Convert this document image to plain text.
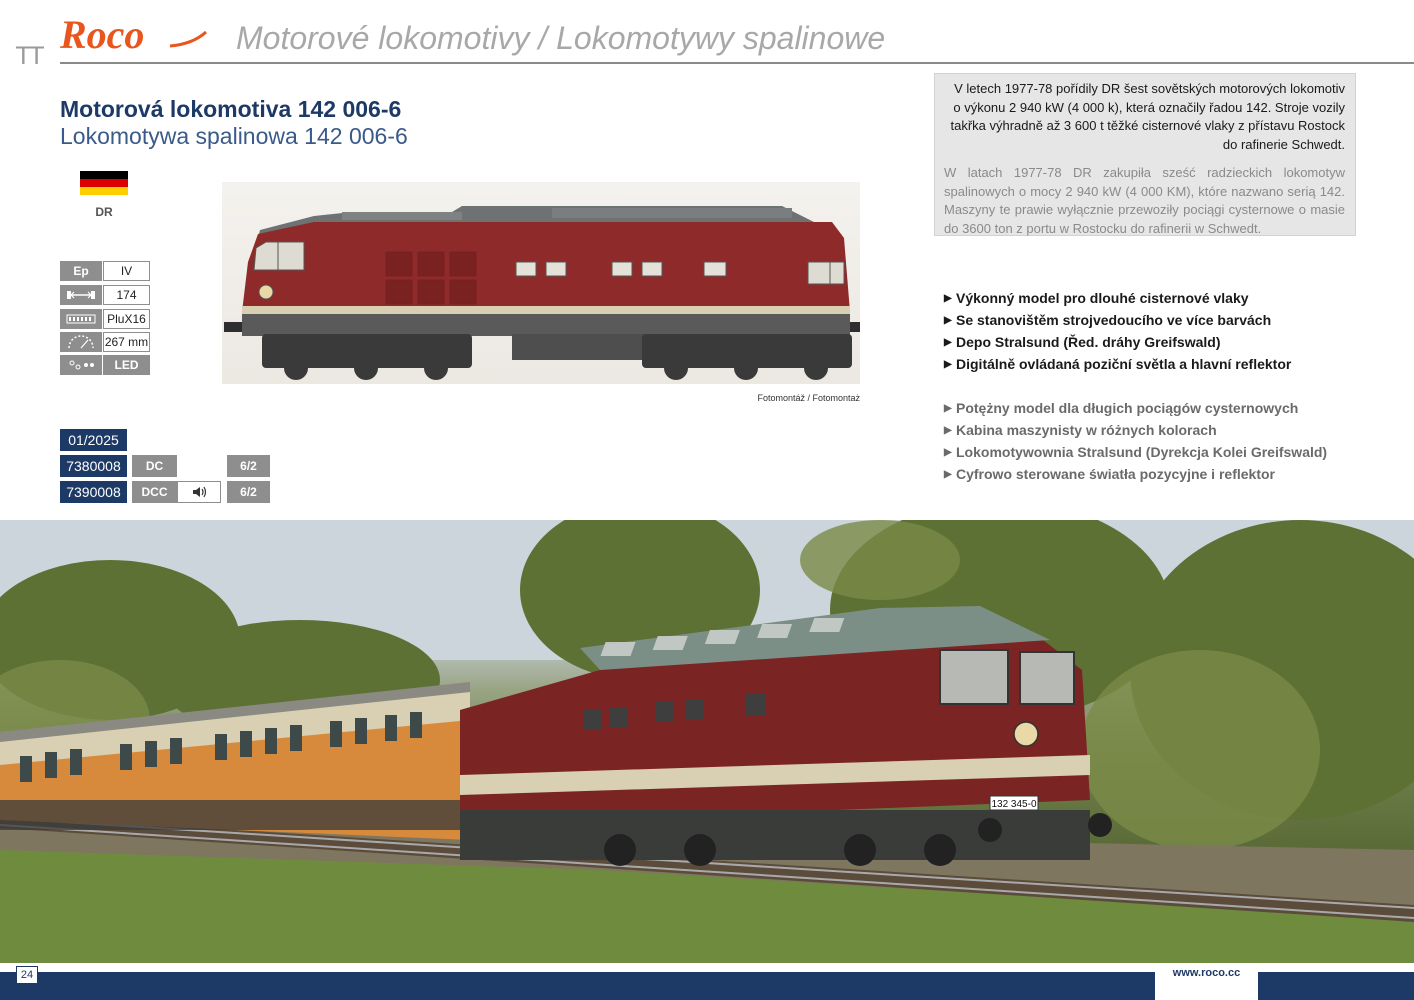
TT Roco	Motorové lokomotivy / Lokomotywy spalinowe
Motorová lokomotiva 142 006-6
Lokomotywa spalinowa 142 006-6
DR
Ep	IV
174
PluX16
267 mm
LED
01/2025
7380008	DC	6/2
7390008	DCC	6/2
Fotomontáž / Fotomontaż

V letech 1977-78 pořídily DR šest sovětských motorových lokomotiv o výkonu 2 940 kW (4 000 k), která označily řadou 142. Stroje vozily takřka výhradně až 3 600 t těžké cisternové vlaky z přístavu Rostock do rafinerie Schwedt.

W latach 1977-78 DR zakupiła sześć radzieckich lokomotyw spalinowych o mocy 2 940 kW (4 000 KM), które nazwano serią 142. Maszyny te prawie wyłącznie przewoziły pociągi cysternowe o masie do 3600 ton z portu w Rostocku do rafinerii w Schwedt.

▶ Výkonný model pro dlouhé cisternové vlaky
▶ Se stanovištěm strojvedoucího ve více barvách
▶ Depo Stralsund (Řed. dráhy Greifswald)
▶ Digitálně ovládaná poziční světla a hlavní reflektor
▶ Potężny model dla długich pociągów cysternowych
▶ Kabina maszynisty w różnych kolorach
▶ Lokomotywownia Stralsund (Dyrekcja Kolei Greifswald)
▶ Cyfrowo sterowane światła pozycyjne i reflektor
132 345-0
www.roco.cc
24
